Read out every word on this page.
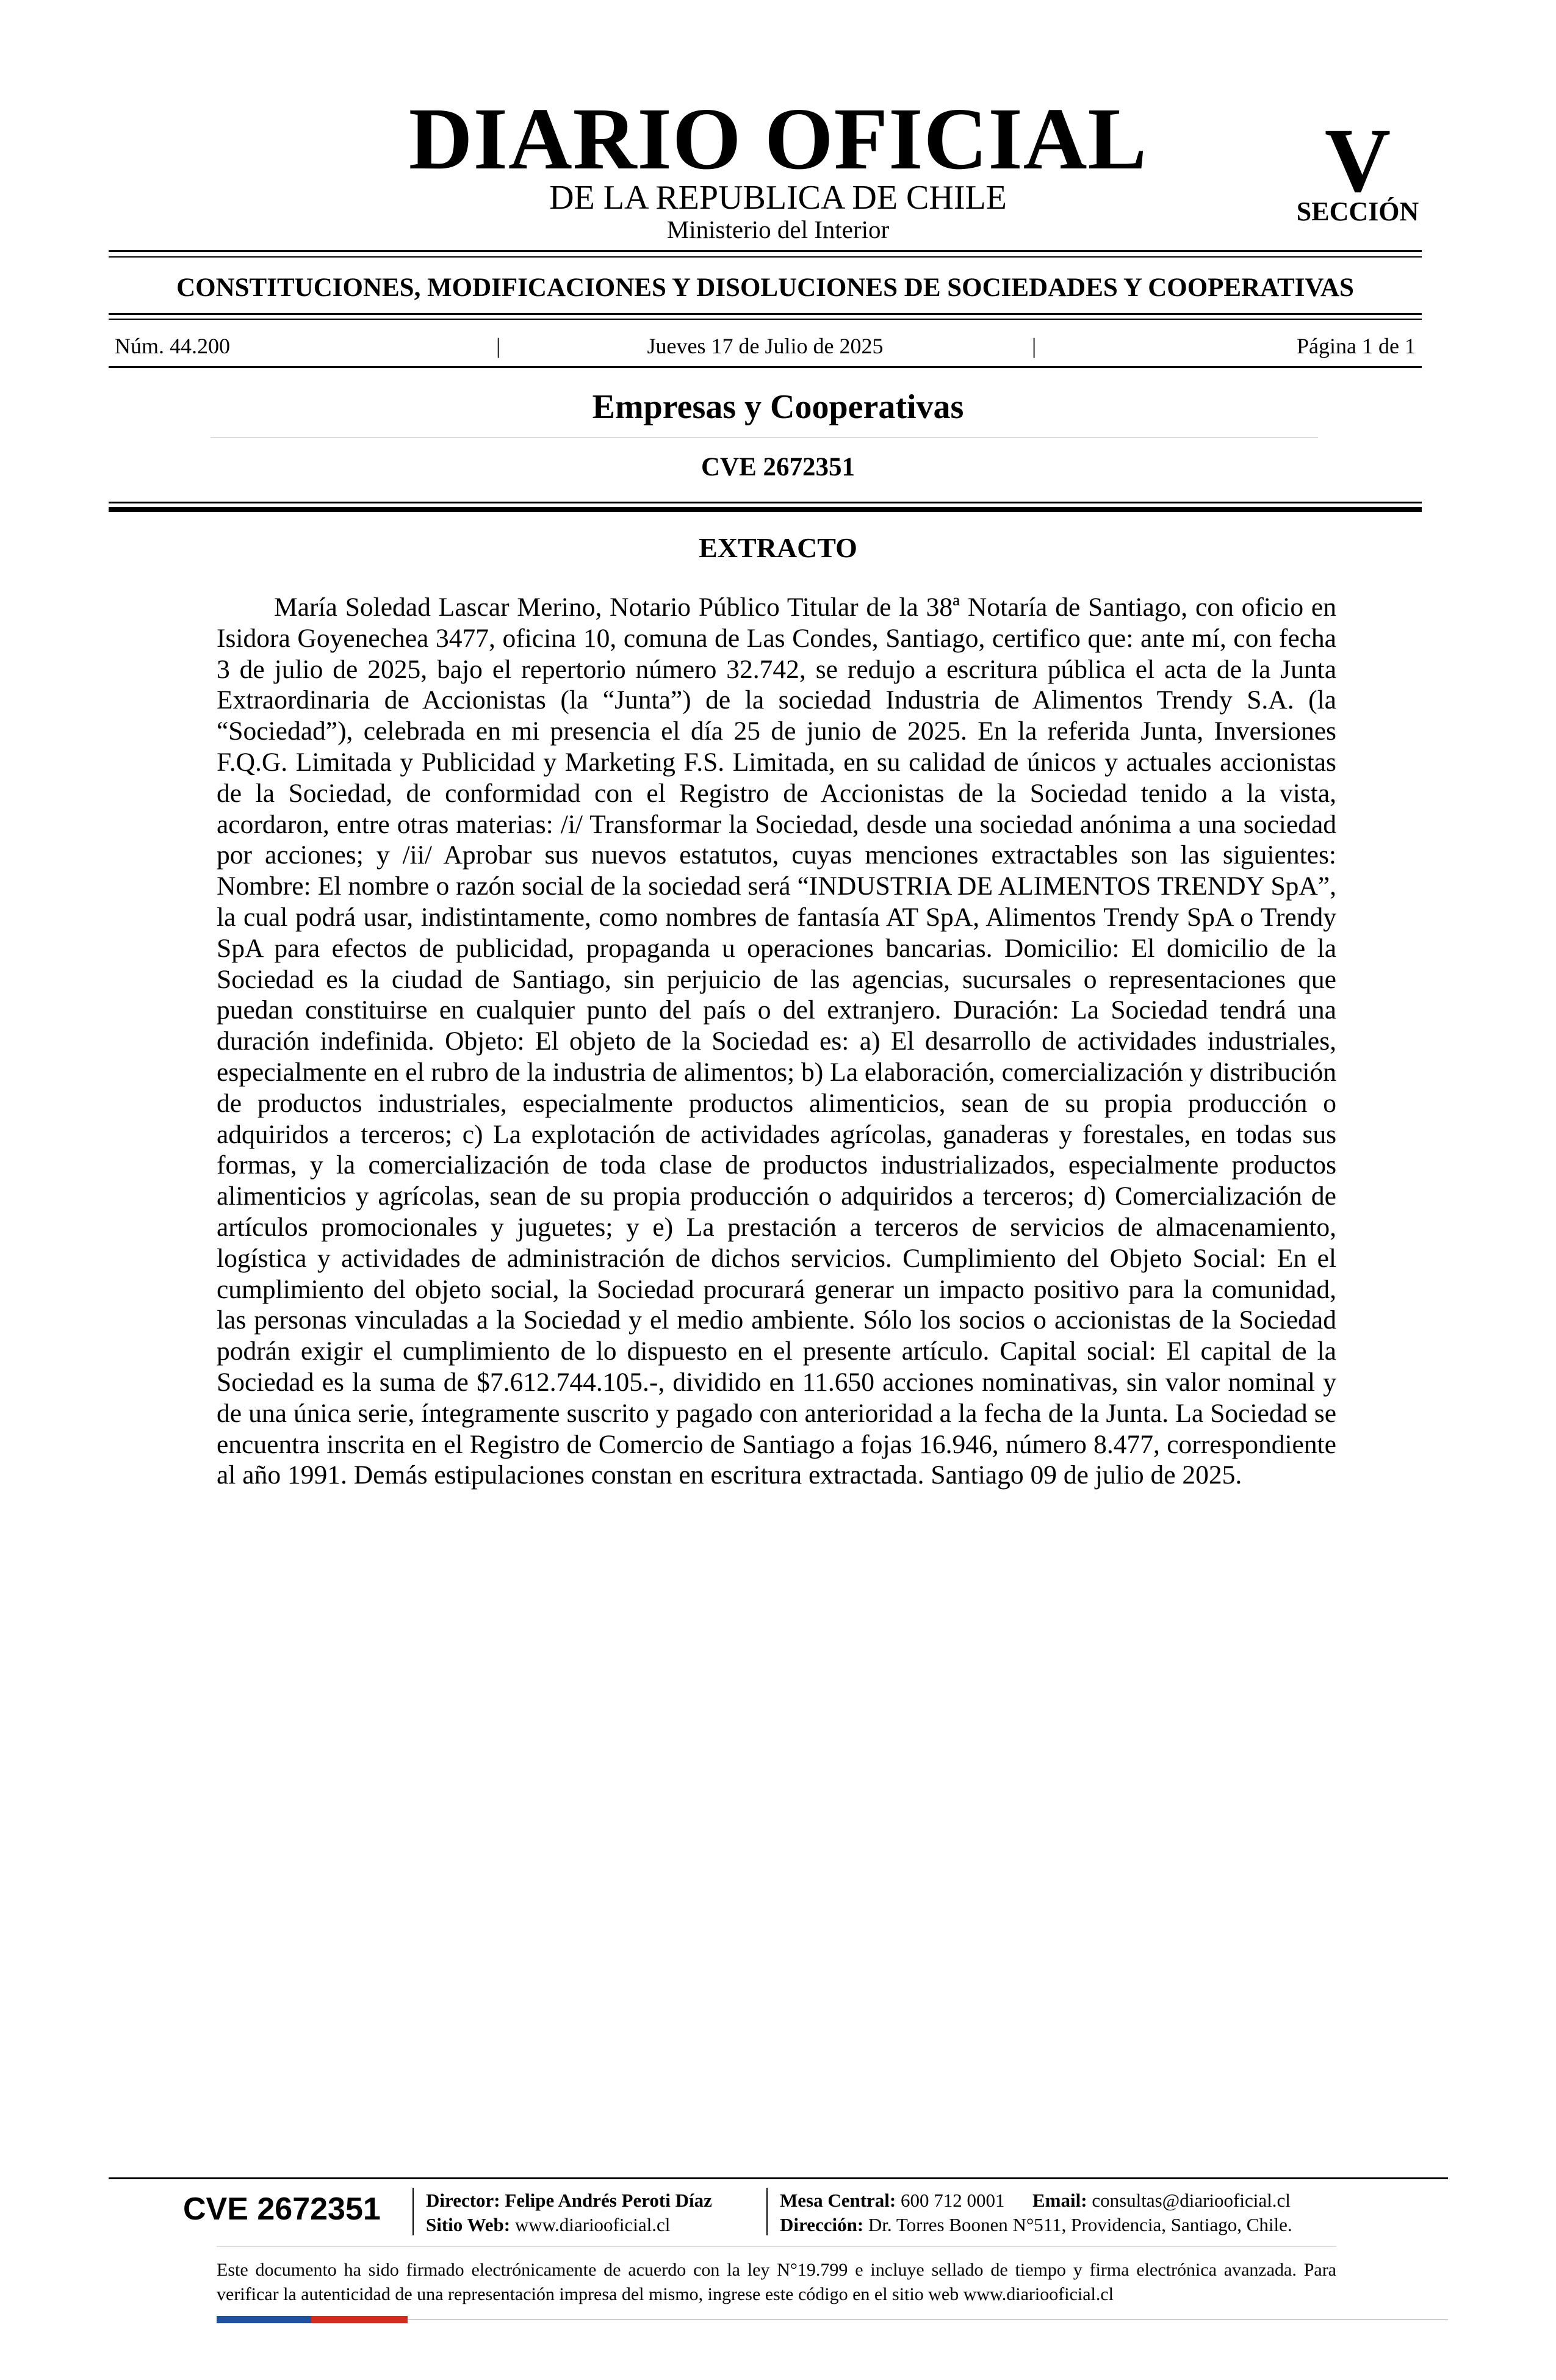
DIARIO OFICIAL
DE LA REPUBLICA DE CHILE
Ministerio del Interior
V
SECCIÓN
CONSTITUCIONES, MODIFICACIONES Y DISOLUCIONES DE SOCIEDADES Y COOPERATIVAS
Núm. 44.200	|	Jueves 17 de Julio de 2025	|	Página 1 de 1
Empresas y Cooperativas
CVE 2672351
EXTRACTO

María Soledad Lascar Merino, Notario Público Titular de la 38ª Notaría de Santiago, con oficio en Isidora Goyenechea 3477, oficina 10, comuna de Las Condes, Santiago, certifico que: ante mí, con fecha 3 de julio de 2025, bajo el repertorio número 32.742, se redujo a escritura pública el acta de la Junta Extraordinaria de Accionistas (la “Junta”) de la sociedad Industria de Alimentos Trendy S.A. (la “Sociedad”), celebrada en mi presencia el día 25 de junio de 2025. En la referida Junta, Inversiones F.Q.G. Limitada y Publicidad y Marketing F.S. Limitada, en su calidad de únicos y actuales accionistas de la Sociedad, de conformidad con el Registro de Accionistas de la Sociedad tenido a la vista, acordaron, entre otras materias: /i/ Transformar la Sociedad, desde una sociedad anónima a una sociedad por acciones; y /ii/ Aprobar sus nuevos estatutos, cuyas menciones extractables son las siguientes: Nombre: El nombre o razón social de la sociedad será “INDUSTRIA DE ALIMENTOS TRENDY SpA”, la cual podrá usar, indistintamente, como nombres de fantasía AT SpA, Alimentos Trendy SpA o Trendy SpA para efectos de publicidad, propaganda u operaciones bancarias. Domicilio: El domicilio de la Sociedad es la ciudad de Santiago, sin perjuicio de las agencias, sucursales o representaciones que puedan constituirse en cualquier punto del país o del extranjero. Duración: La Sociedad tendrá una duración indefinida. Objeto: El objeto de la Sociedad es: a) El desarrollo de actividades industriales, especialmente en el rubro de la industria de alimentos; b) La elaboración, comercialización y distribución de productos industriales, especialmente productos alimenticios, sean de su propia producción o adquiridos a terceros; c) La explotación de actividades agrícolas, ganaderas y forestales, en todas sus formas, y la comercialización de toda clase de productos industrializados, especialmente productos alimenticios y agrícolas, sean de su propia producción o adquiridos a terceros; d) Comercialización de artículos promocionales y juguetes; y e) La prestación a terceros de servicios de almacenamiento, logística y actividades de administración de dichos servicios. Cumplimiento del Objeto Social: En el cumplimiento del objeto social, la Sociedad procurará generar un impacto positivo para la comunidad, las personas vinculadas a la Sociedad y el medio ambiente. Sólo los socios o accionistas de la Sociedad podrán exigir el cumplimiento de lo dispuesto en el presente artículo. Capital social: El capital de la Sociedad es la suma de $7.612.744.105.-, dividido en 11.650 acciones nominativas, sin valor nominal y de una única serie, íntegramente suscrito y pagado con anterioridad a la fecha de la Junta. La Sociedad se encuentra inscrita en el Registro de Comercio de Santiago a fojas 16.946, número 8.477, correspondiente al año 1991. Demás estipulaciones constan en escritura extractada. Santiago 09 de julio de 2025.

CVE 2672351	Director: Felipe Andrés Peroti Díaz
Sitio Web: www.diariooficial.cl
Mesa Central: 600 712 0001 Email: consultas@diariooficial.cl
Dirección: Dr. Torres Boonen N°511, Providencia, Santiago, Chile.

Este documento ha sido firmado electrónicamente de acuerdo con la ley N°19.799 e incluye sellado de tiempo y firma electrónica avanzada. Para verificar la autenticidad de una representación impresa del mismo, ingrese este código en el sitio web www.diariooficial.cl
